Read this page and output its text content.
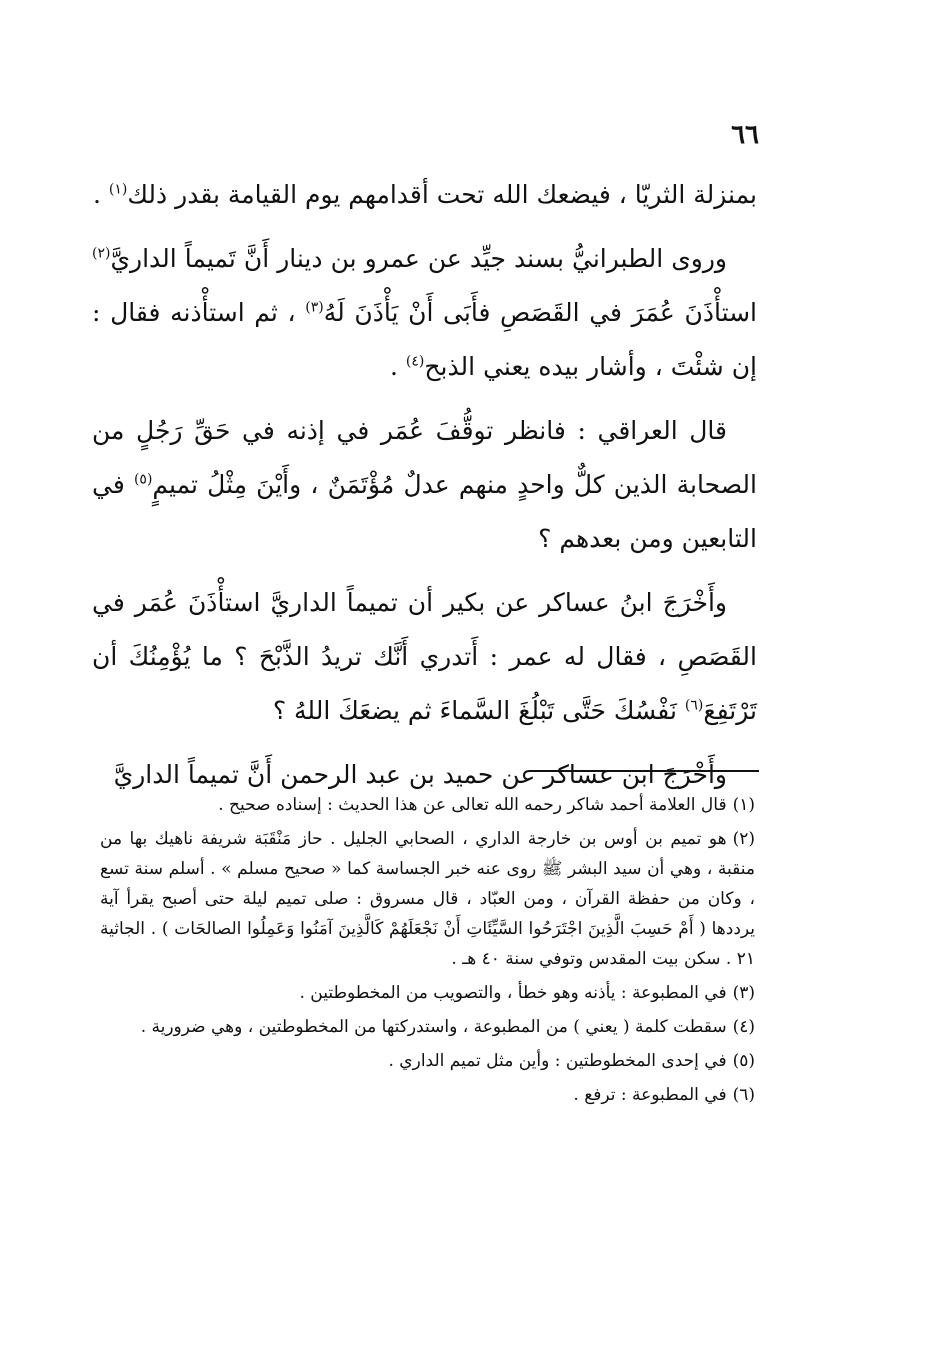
٦٦

بمنزلة الثريّا ، فيضعك الله تحت أقدامهم يوم القيامة بقدر ذلك$^{(١)}$ .

وروى الطبرانيُّ بسند جيِّد عن عمرو بن دينار أَنَّ تَميماً الداريَّ$^{(٢)}$ استأْذَنَ عُمَرَ في القَصَصِ فأَبَى أَنْ يَأْذَنَ لَهُ$^{(٣)}$ ، ثم استأْذنه فقال : إن شئْتَ ، وأشار بيده يعني الذبح$^{(٤)}$ .

قال العراقي : فانظر توقُّفَ عُمَر في إذنه في حَقِّ رَجُلٍ من الصحابة الذين كلٌّ واحدٍ منهم عدلٌ مُؤْتَمَنٌ ، وأَيْنَ مِثْلُ تميمٍ$^{(٥)}$ في التابعين ومن بعدهم ؟

وأَخْرَجَ ابنُ عساكر عن بكير أن تميماً الداريَّ استأْذَنَ عُمَر في القَصَصِ ، فقال له عمر : أَتدري أَنَّك تريدُ الذَّبْحَ ؟ ما يُؤْمِنُكَ أن تَرْتَفِعَ$^{(٦)}$ نَفْسُكَ حَتَّى تَبْلُغَ السَّماءَ ثم يضعَكَ اللهُ ؟

وأَخْرَجَ ابن عساكر عن حميد بن عبد الرحمن أَنَّ تميماً الداريَّ

(١)قال العلامة أحمد شاكر رحمه الله تعالى عن هذا الحديث : إسناده صحيح .

(٢)هو تميم بن أوس بن خارجة الداري ، الصحابي الجليل . حاز مَنْقَبَة شريفة ناهيك بها من منقبة ، وهي أن سيد البشر ﷺ روى عنه خبر الجساسة كما « صحيح مسلم » . أسلم سنة تسع ، وكان من حفظة القرآن ، ومن العبّاد ، قال مسروق : صلى تميم ليلة حتى أصبح يقرأ آية يرددها ( أَمْ حَسِبَ الَّذِينَ اجْتَرَحُوا السَّيِّئَاتِ أَنْ نَجْعَلَهُمْ كَالَّذِينَ آمَنُوا وَعَمِلُوا الصالحَات ) . الجاثية ٢١ . سكن بيت المقدس وتوفي سنة ٤٠ هـ .

(٣)في المطبوعة : يأذنه وهو خطأ ، والتصويب من المخطوطتين .

(٤)سقطت كلمة ( يعني ) من المطبوعة ، واستدركتها من المخطوطتين ، وهي ضرورية .

(٥)في إحدى المخطوطتين : وأين مثل تميم الداري .

(٦)في المطبوعة : ترفع .
